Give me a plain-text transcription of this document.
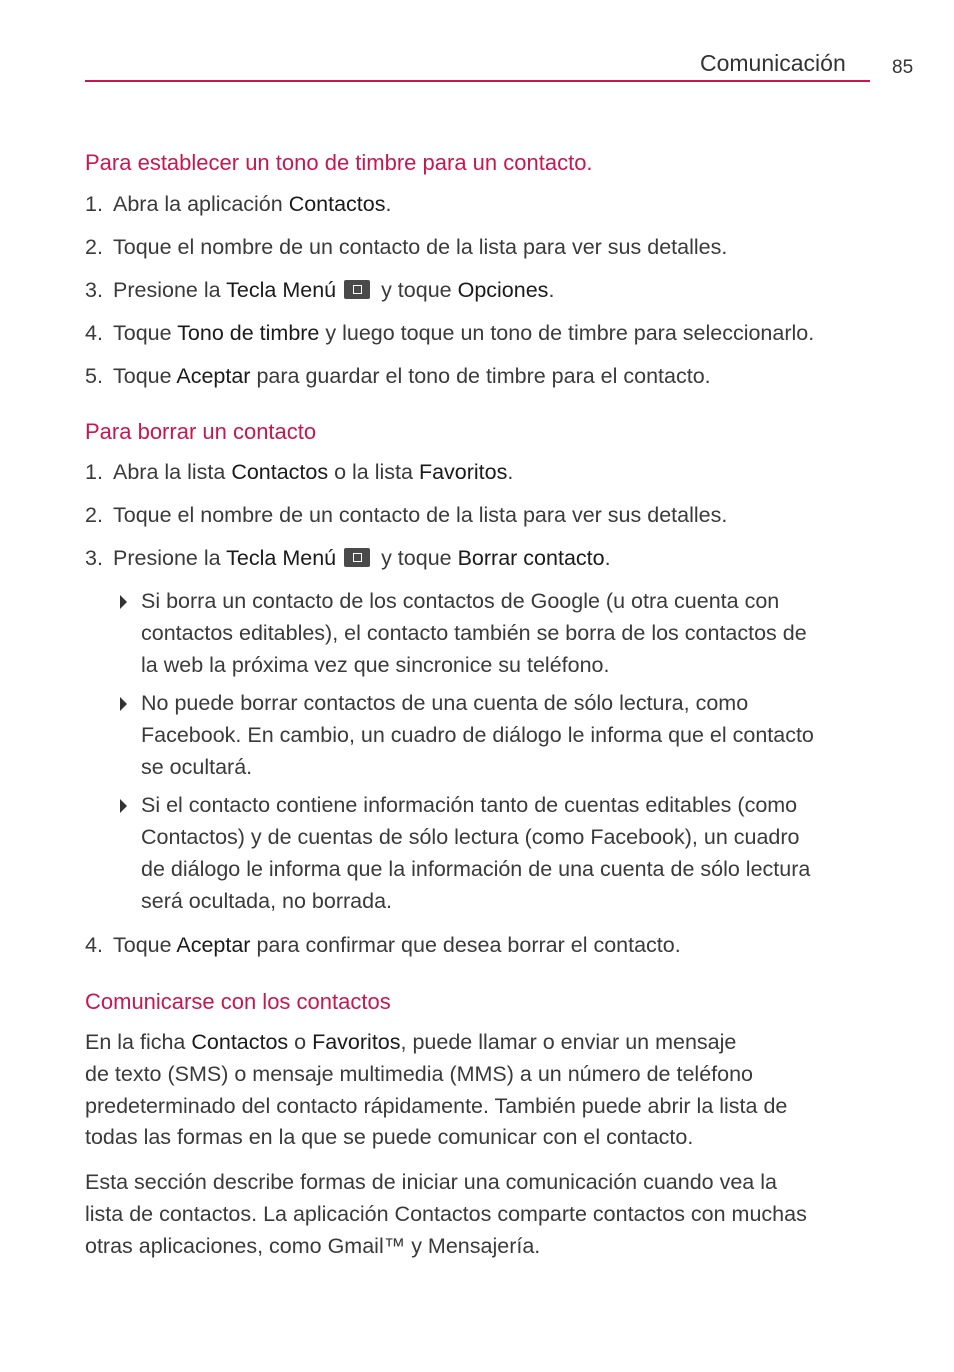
Comunicación 85
Para establecer un tono de timbre para un contacto.
1. Abra la aplicación Contactos.
2. Toque el nombre de un contacto de la lista para ver sus detalles.
3. Presione la Tecla Menú y toque Opciones.
4. Toque Tono de timbre y luego toque un tono de timbre para seleccionarlo.
5. Toque Aceptar para guardar el tono de timbre para el contacto.
Para borrar un contacto
1. Abra la lista Contactos o la lista Favoritos.
2. Toque el nombre de un contacto de la lista para ver sus detalles.
3. Presione la Tecla Menú y toque Borrar contacto.
Si borra un contacto de los contactos de Google (u otra cuenta con
contactos editables), el contacto también se borra de los contactos de
la web la próxima vez que sincronice su teléfono.
No puede borrar contactos de una cuenta de sólo lectura, como
Facebook. En cambio, un cuadro de diálogo le informa que el contacto
se ocultará.
Si el contacto contiene información tanto de cuentas editables (como
Contactos) y de cuentas de sólo lectura (como Facebook), un cuadro
de diálogo le informa que la información de una cuenta de sólo lectura
será ocultada, no borrada.
4. Toque Aceptar para confirmar que desea borrar el contacto.
Comunicarse con los contactos
En la ficha Contactos o Favoritos, puede llamar o enviar un mensaje
de texto (SMS) o mensaje multimedia (MMS) a un número de teléfono
predeterminado del contacto rápidamente. También puede abrir la lista de
todas las formas en la que se puede comunicar con el contacto.
Esta sección describe formas de iniciar una comunicación cuando vea la
lista de contactos. La aplicación Contactos comparte contactos con muchas
otras aplicaciones, como Gmail™ y Mensajería.
